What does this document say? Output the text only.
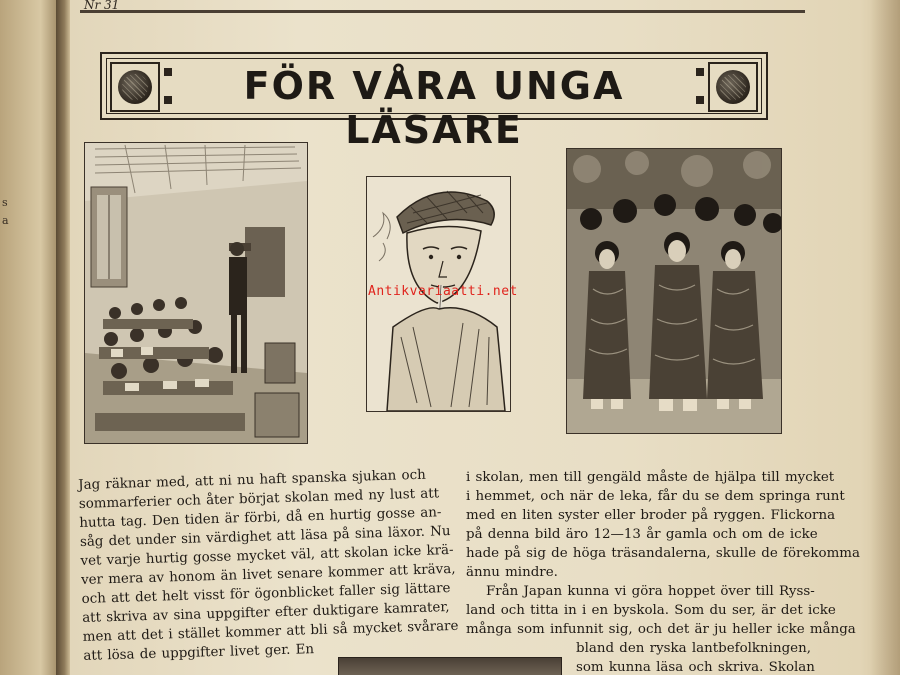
s
a
Nr 31
FÖR VÅRA UNGA LÄSARE
Antikvariaatti.net
Jag räknar med, att ni nu haft spanska sjukan och
sommarferier och åter börjat skolan med ny lust att
hutta tag. Den tiden är förbi, då en hurtig gosse an-
såg det under sin värdighet att läsa på sina läxor. Nu
vet varje hurtig gosse mycket väl, att skolan icke krä-
ver mera av honom än livet senare kommer att kräva,
och att det helt visst för ögonblicket faller sig lättare
att skriva av sina uppgifter efter duktigare kamrater,
men att det i stället kommer att bli så mycket svårare
att lösa de uppgifter livet ger. En
i skolan, men till gengäld måste de hjälpa till mycket
i hemmet, och när de leka, får du se dem springa runt
med en liten syster eller broder på ryggen. Flickorna
på denna bild äro 12—13 år gamla och om de icke
hade på sig de höga träsandalerna, skulle de förekomma
ännu mindre.
Från Japan kunna vi göra hoppet över till Ryss-
land och titta in i en byskola. Som du ser, är det icke
många som infunnit sig, och det är ju heller icke många
bland den ryska lantbefolkningen,
som kunna läsa och skriva. Skolan
